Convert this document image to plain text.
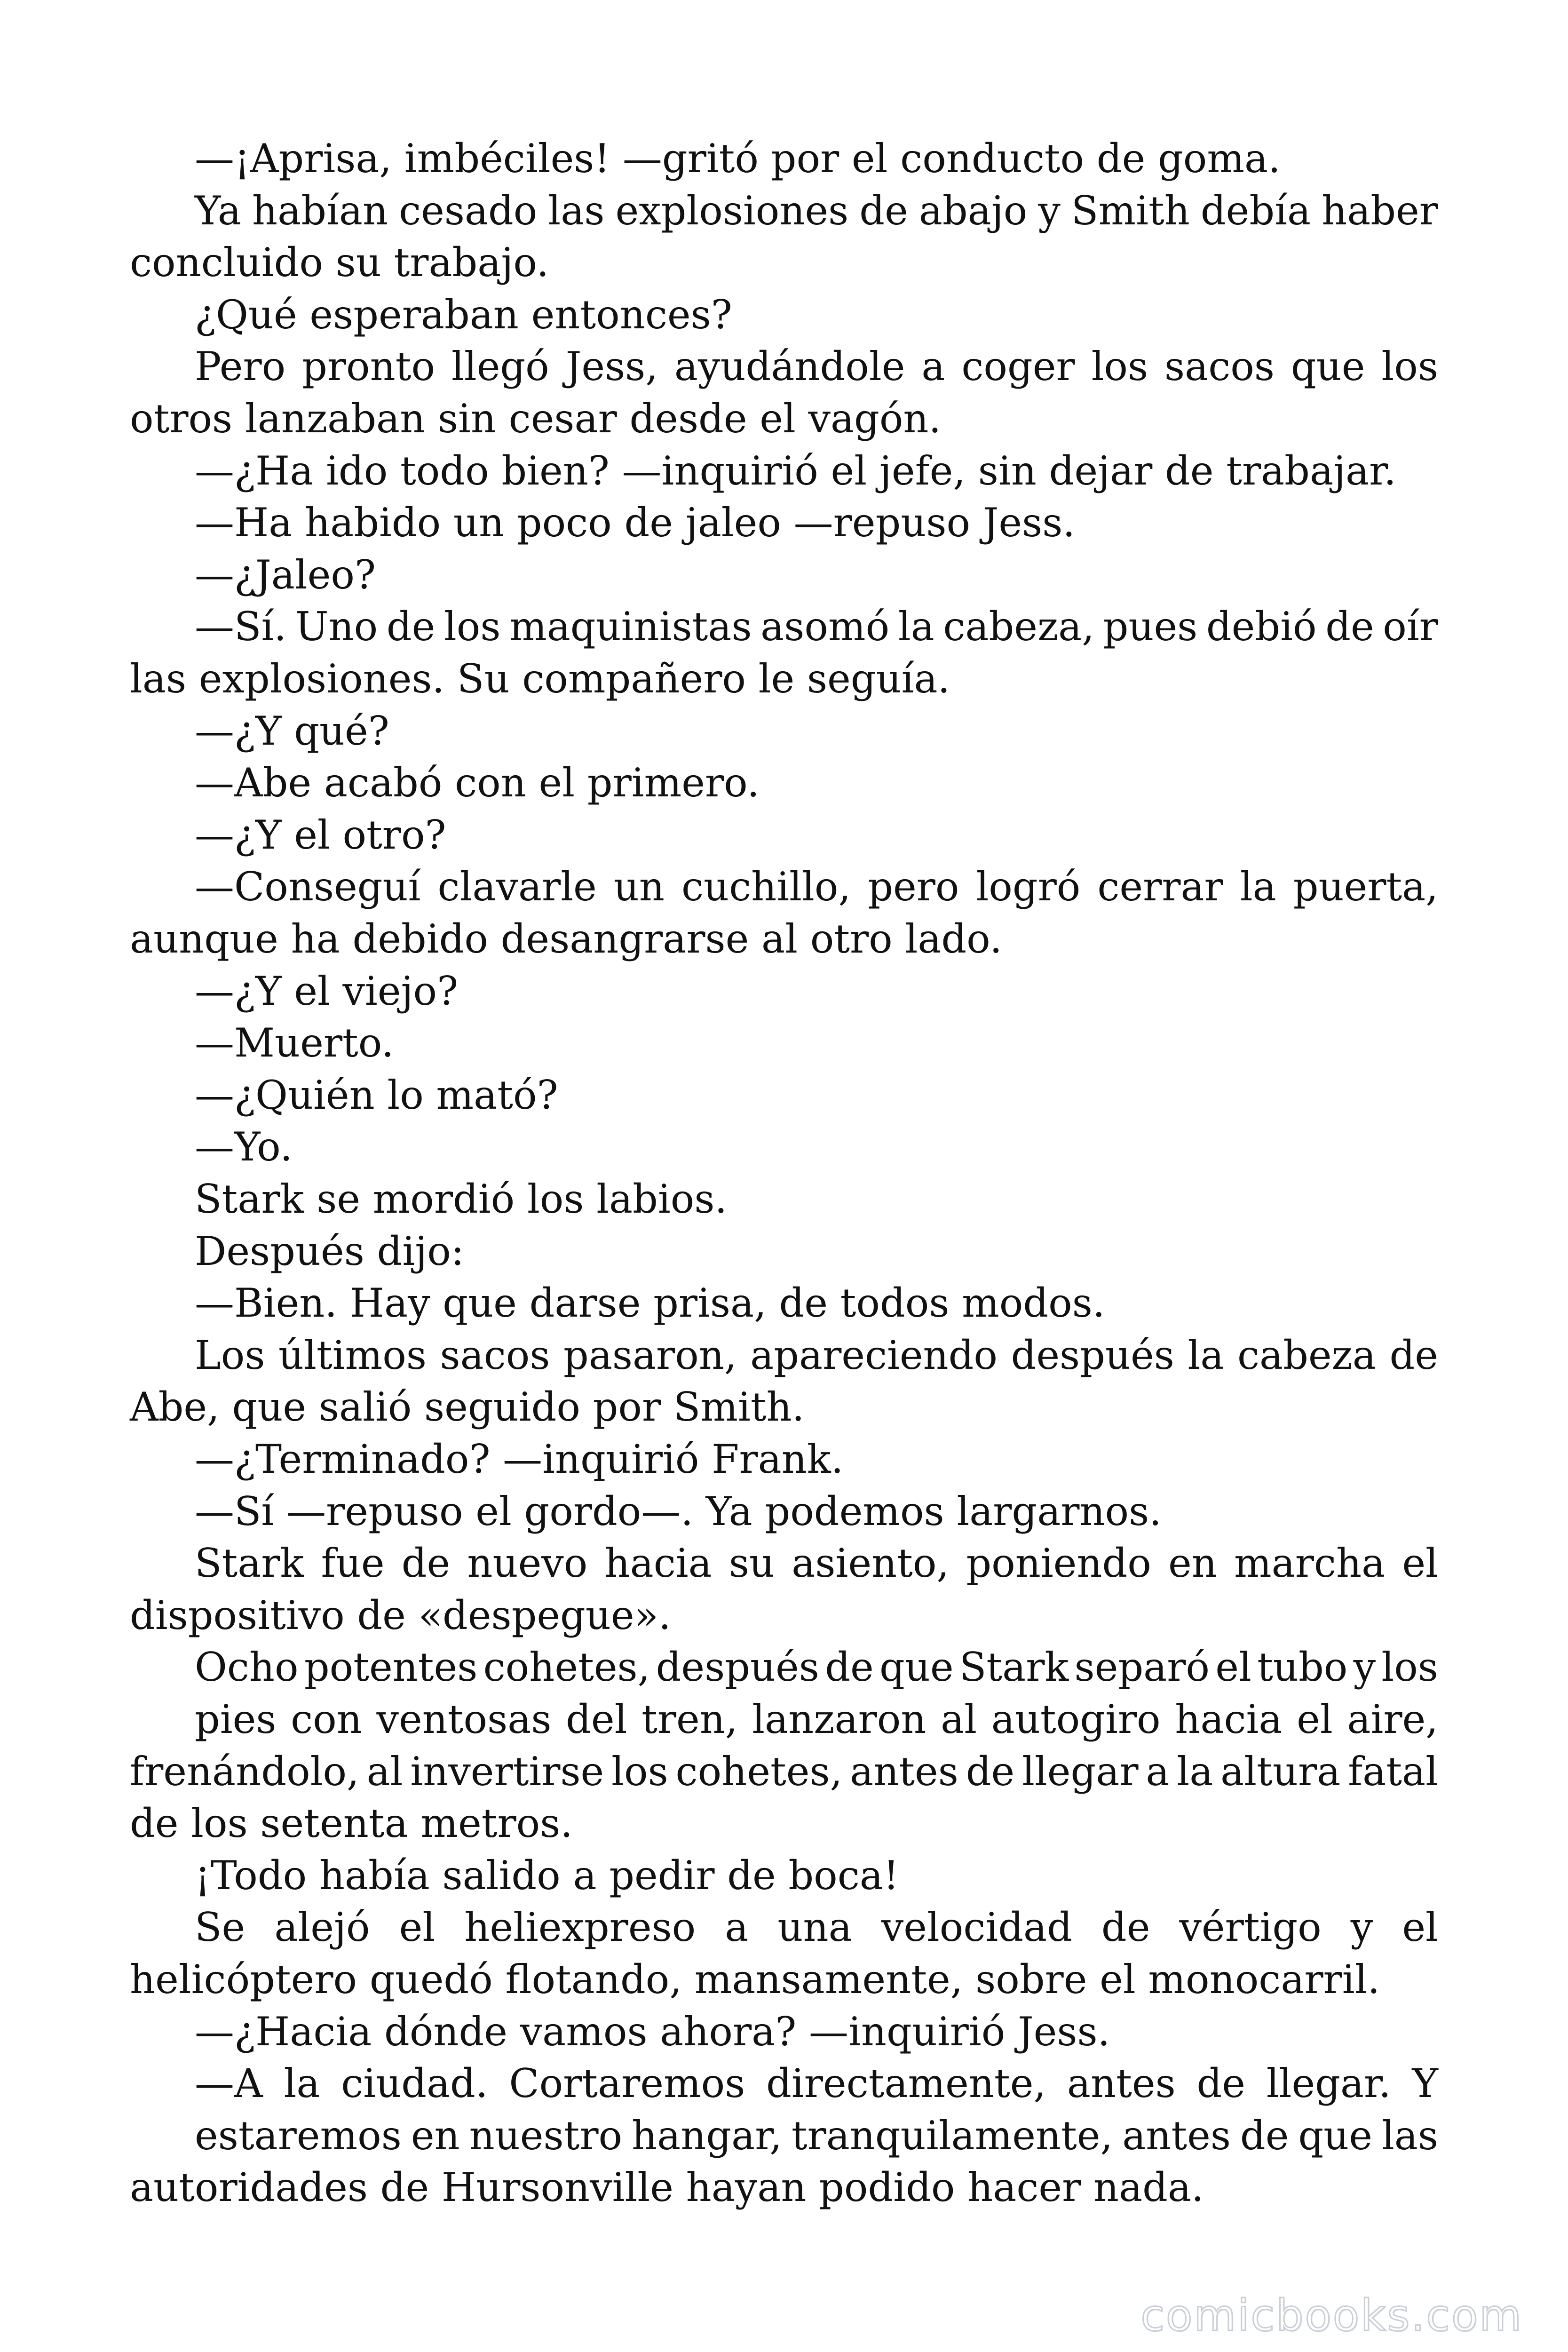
—¡Aprisa, imbéciles! —gritó por el conducto de goma.
Ya habían cesado las explosiones de abajo y Smith debía haber
concluido su trabajo.
¿Qué esperaban entonces?
Pero pronto llegó Jess, ayudándole a coger los sacos que los
otros lanzaban sin cesar desde el vagón.
—¿Ha ido todo bien? —inquirió el jefe, sin dejar de trabajar.
—Ha habido un poco de jaleo —repuso Jess.
—¿Jaleo?
—Sí. Uno de los maquinistas asomó la cabeza, pues debió de oír
las explosiones. Su compañero le seguía.
—¿Y qué?
—Abe acabó con el primero.
—¿Y el otro?
—Conseguí clavarle un cuchillo, pero logró cerrar la puerta,
aunque ha debido desangrarse al otro lado.
—¿Y el viejo?
—Muerto.
—¿Quién lo mató?
—Yo.
Stark se mordió los labios.
Después dijo:
—Bien. Hay que darse prisa, de todos modos.
Los últimos sacos pasaron, apareciendo después la cabeza de
Abe, que salió seguido por Smith.
—¿Terminado? —inquirió Frank.
—Sí —repuso el gordo—. Ya podemos largarnos.
Stark fue de nuevo hacia su asiento, poniendo en marcha el
dispositivo de «despegue».
Ocho potentes cohetes, después de que Stark separó el tubo y los
pies con ventosas del tren, lanzaron al autogiro hacia el aire,
frenándolo, al invertirse los cohetes, antes de llegar a la altura fatal
de los setenta metros.
¡Todo había salido a pedir de boca!
Se alejó el heliexpreso a una velocidad de vértigo y el
helicóptero quedó flotando, mansamente, sobre el monocarril.
—¿Hacia dónde vamos ahora? —inquirió Jess.
—A la ciudad. Cortaremos directamente, antes de llegar. Y
estaremos en nuestro hangar, tranquilamente, antes de que las
autoridades de Hursonville hayan podido hacer nada.
comicbooks.com
